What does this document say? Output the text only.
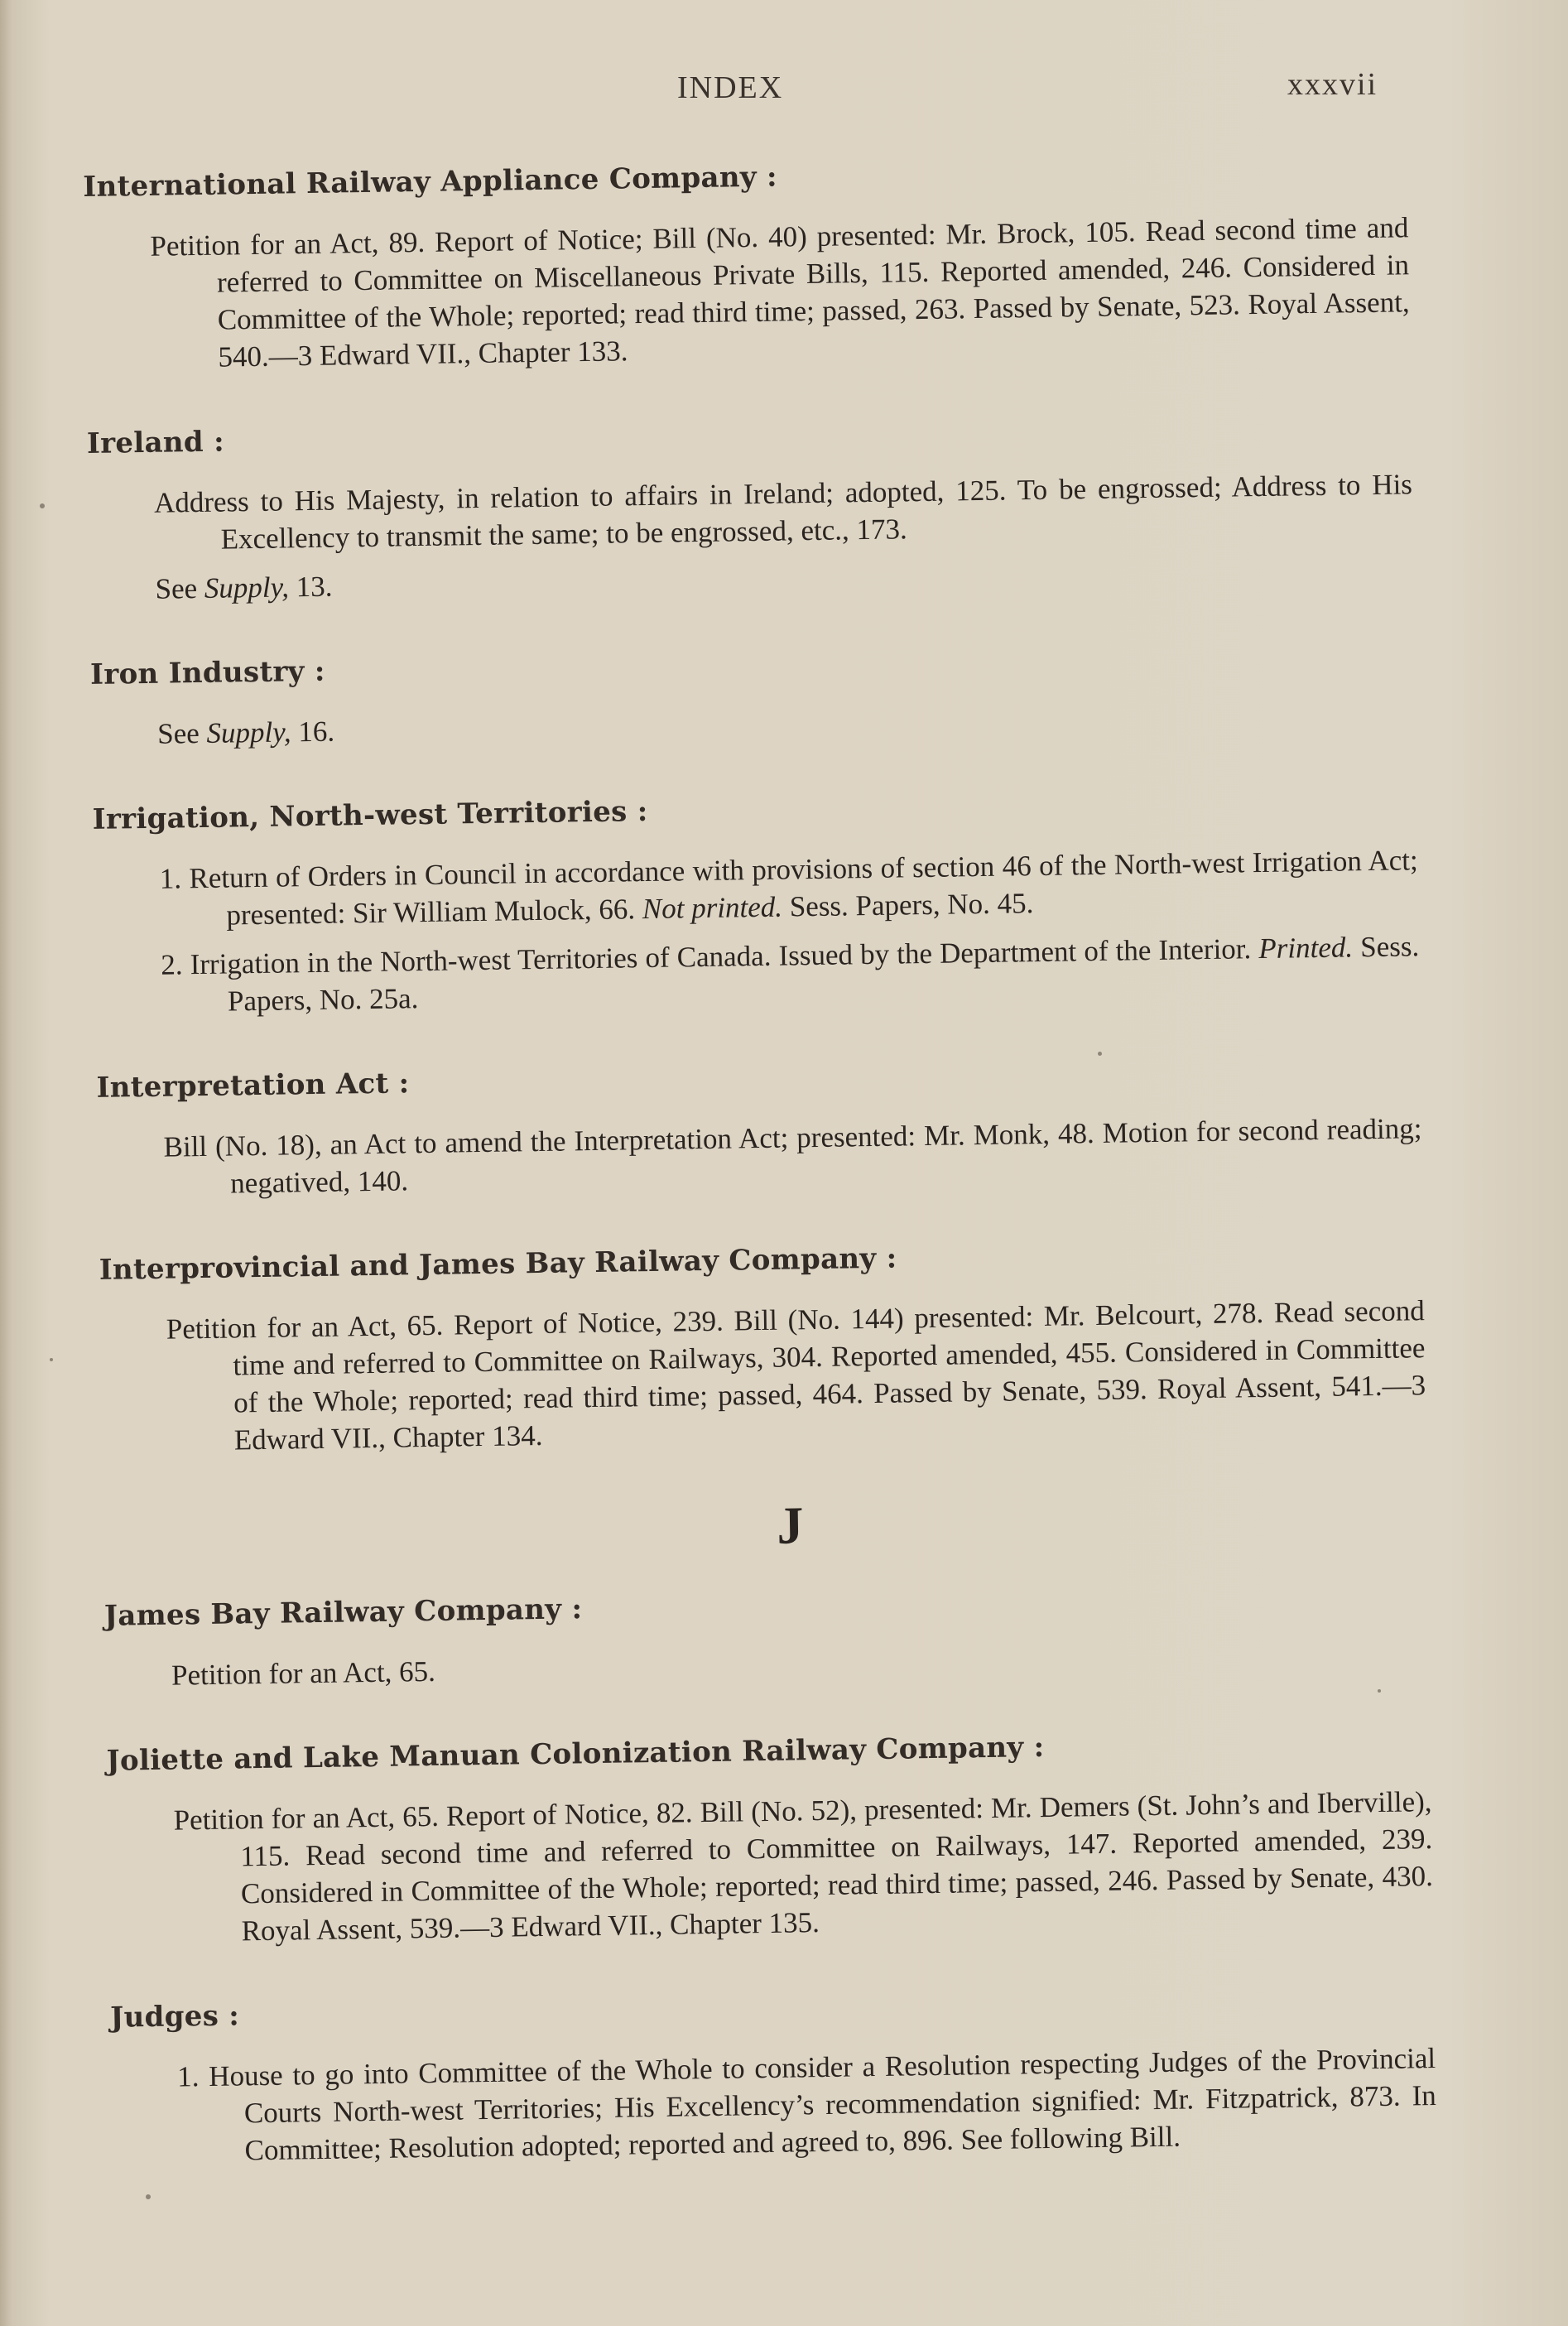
INDEX	xxxvii
International Railway Appliance Company :
Petition for an Act, 89. Report of Notice; Bill (No. 40) presented: Mr. Brock, 105. Read second time and referred to Committee on Miscellaneous Private Bills, 115. Reported amended, 246. Considered in Committee of the Whole; reported; read third time; passed, 263. Passed by Senate, 523. Royal Assent, 540.—3 Edward VII., Chapter 133.
Ireland :
Address to His Majesty, in relation to affairs in Ireland; adopted, 125. To be engrossed; Address to His Excellency to transmit the same; to be engrossed, etc., 173.
See Supply, 13.
Iron Industry :
See Supply, 16.
Irrigation, North-west Territories :
1. Return of Orders in Council in accordance with provisions of section 46 of the North-west Irrigation Act; presented: Sir William Mulock, 66. Not printed. Sess. Papers, No. 45.
2. Irrigation in the North-west Territories of Canada. Issued by the Department of the Interior. Printed. Sess. Papers, No. 25a.
Interpretation Act :
Bill (No. 18), an Act to amend the Interpretation Act; presented: Mr. Monk, 48. Motion for second reading; negatived, 140.
Interprovincial and James Bay Railway Company :
Petition for an Act, 65. Report of Notice, 239. Bill (No. 144) presented: Mr. Belcourt, 278. Read second time and referred to Committee on Railways, 304. Reported amended, 455. Considered in Committee of the Whole; reported; read third time; passed, 464. Passed by Senate, 539. Royal Assent, 541.—3 Edward VII., Chapter 134.
J
James Bay Railway Company :
Petition for an Act, 65.
Joliette and Lake Manuan Colonization Railway Company :
Petition for an Act, 65. Report of Notice, 82. Bill (No. 52), presented: Mr. Demers (St. John’s and Iberville), 115. Read second time and referred to Committee on Railways, 147. Reported amended, 239. Considered in Committee of the Whole; reported; read third time; passed, 246. Passed by Senate, 430. Royal Assent, 539.—3 Edward VII., Chapter 135.
Judges :
1. House to go into Committee of the Whole to consider a Resolution respecting Judges of the Provincial Courts North-west Territories; His Excellency’s recommendation signified: Mr. Fitzpatrick, 873. In Committee; Resolution adopted; reported and agreed to, 896. See following Bill.
